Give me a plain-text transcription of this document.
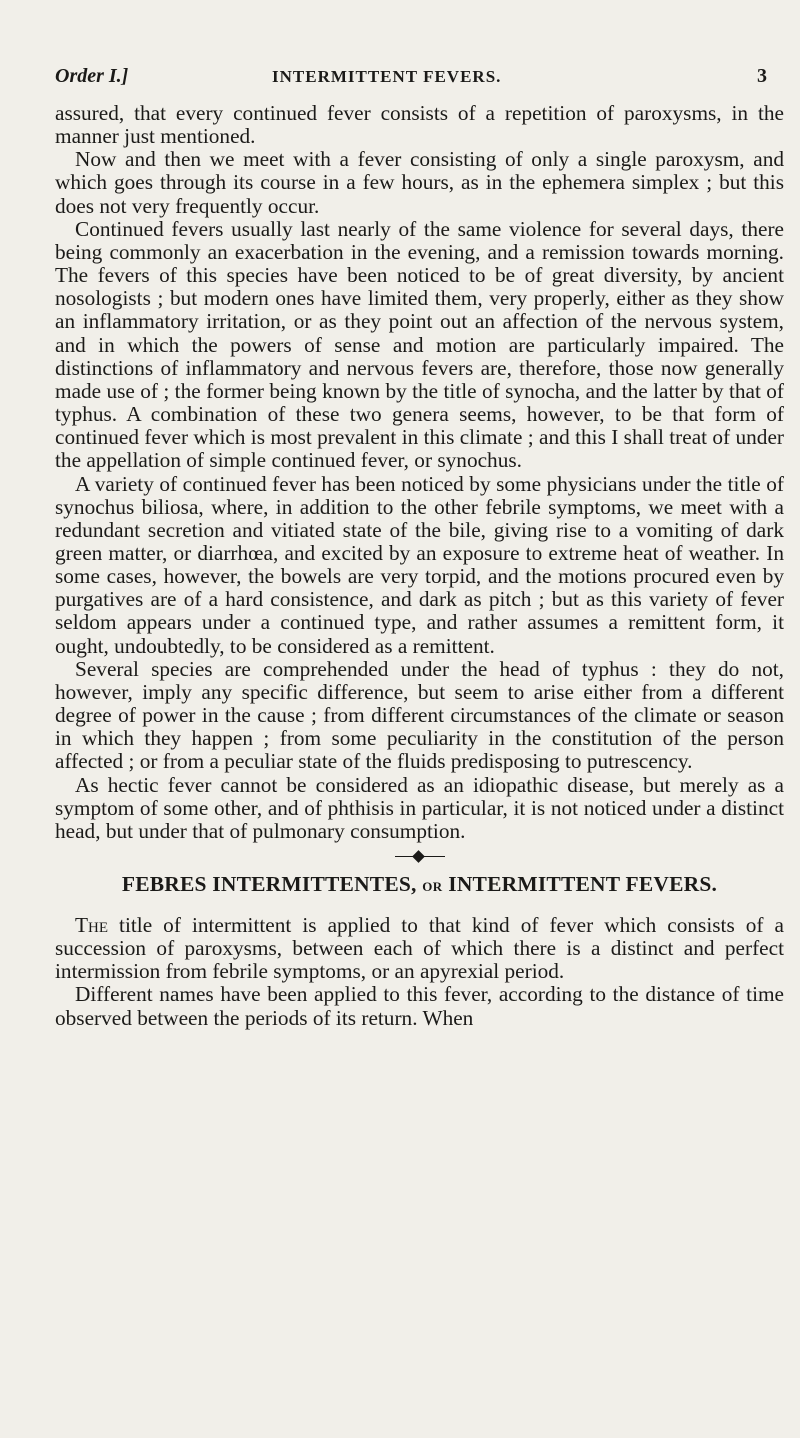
Order I.]	INTERMITTENT FEVERS.	3

assured, that every continued fever consists of a repetition of paroxysms, in the manner just mentioned.

Now and then we meet with a fever consisting of only a single paroxysm, and which goes through its course in a few hours, as in the ephemera simplex ; but this does not very frequently occur.

Continued fevers usually last nearly of the same violence for several days, there being commonly an exacerbation in the evening, and a remission towards morning. The fevers of this species have been noticed to be of great diversity, by ancient nosologists ; but modern ones have limited them, very properly, either as they show an inflammatory irritation, or as they point out an affection of the nervous system, and in which the powers of sense and motion are particularly impaired. The distinctions of inflammatory and nervous fevers are, therefore, those now generally made use of ; the former being known by the title of synocha, and the latter by that of typhus. A combination of these two genera seems, however, to be that form of continued fever which is most prevalent in this climate ; and this I shall treat of under the appellation of simple continued fever, or synochus.

A variety of continued fever has been noticed by some physicians under the title of synochus biliosa, where, in addition to the other febrile symptoms, we meet with a redundant secretion and vitiated state of the bile, giving rise to a vomiting of dark green matter, or diarrhœa, and excited by an exposure to extreme heat of weather. In some cases, however, the bowels are very torpid, and the motions procured even by purgatives are of a hard consistence, and dark as pitch ; but as this variety of fever seldom appears under a continued type, and rather assumes a remittent form, it ought, undoubtedly, to be considered as a remittent.

Several species are comprehended under the head of typhus : they do not, however, imply any specific difference, but seem to arise either from a different degree of power in the cause ; from different circumstances of the climate or season in which they happen ; from some peculiarity in the constitution of the person affected ; or from a peculiar state of the fluids predisposing to putrescency.

As hectic fever cannot be considered as an idiopathic disease, but merely as a symptom of some other, and of phthisis in particular, it is not noticed under a distinct head, but under that of pulmonary consumption.

FEBRES INTERMITTENTES, OR INTERMITTENT FEVERS.

The title of intermittent is applied to that kind of fever which consists of a succession of paroxysms, between each of which there is a distinct and perfect intermission from febrile symptoms, or an apyrexial period.

Different names have been applied to this fever, according to the distance of time observed between the periods of its return. When
